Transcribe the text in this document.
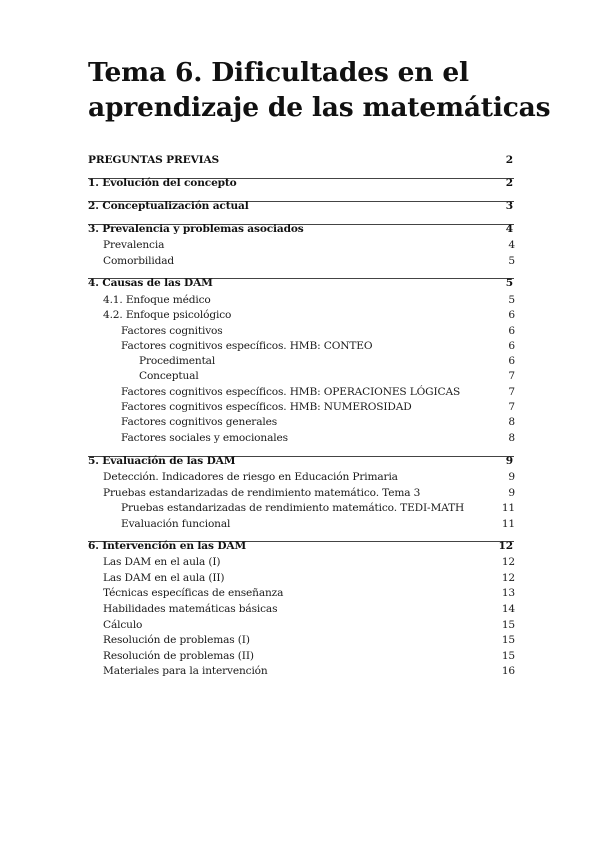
Tema 6. Dificultades en el
aprendizaje de las matemáticas
PREGUNTAS PREVIAS	2
1. Evolución del concepto	2
2. Conceptualización actual	3
3. Prevalencia y problemas asociados	4
Prevalencia	4
Comorbilidad	5
4. Causas de las DAM	5
4.1. Enfoque médico	5
4.2. Enfoque psicológico	6
Factores cognitivos	6
Factores cognitivos específicos. HMB: CONTEO	6
Procedimental	6
Conceptual	7
Factores cognitivos específicos. HMB: OPERACIONES LÓGICAS	7
Factores cognitivos específicos. HMB: NUMEROSIDAD	7
Factores cognitivos generales	8
Factores sociales y emocionales	8
5. Evaluación de las DAM	9
Detección. Indicadores de riesgo en Educación Primaria	9
Pruebas estandarizadas de rendimiento matemático. Tema 3	9
Pruebas estandarizadas de rendimiento matemático. TEDI-MATH	11
Evaluación funcional	11
6. Intervención en las DAM	12
Las DAM en el aula (I)	12
Las DAM en el aula (II)	12
Técnicas específicas de enseñanza	13
Habilidades matemáticas básicas	14
Cálculo	15
Resolución de problemas (I)	15
Resolución de problemas (II)	15
Materiales para la intervención	16
